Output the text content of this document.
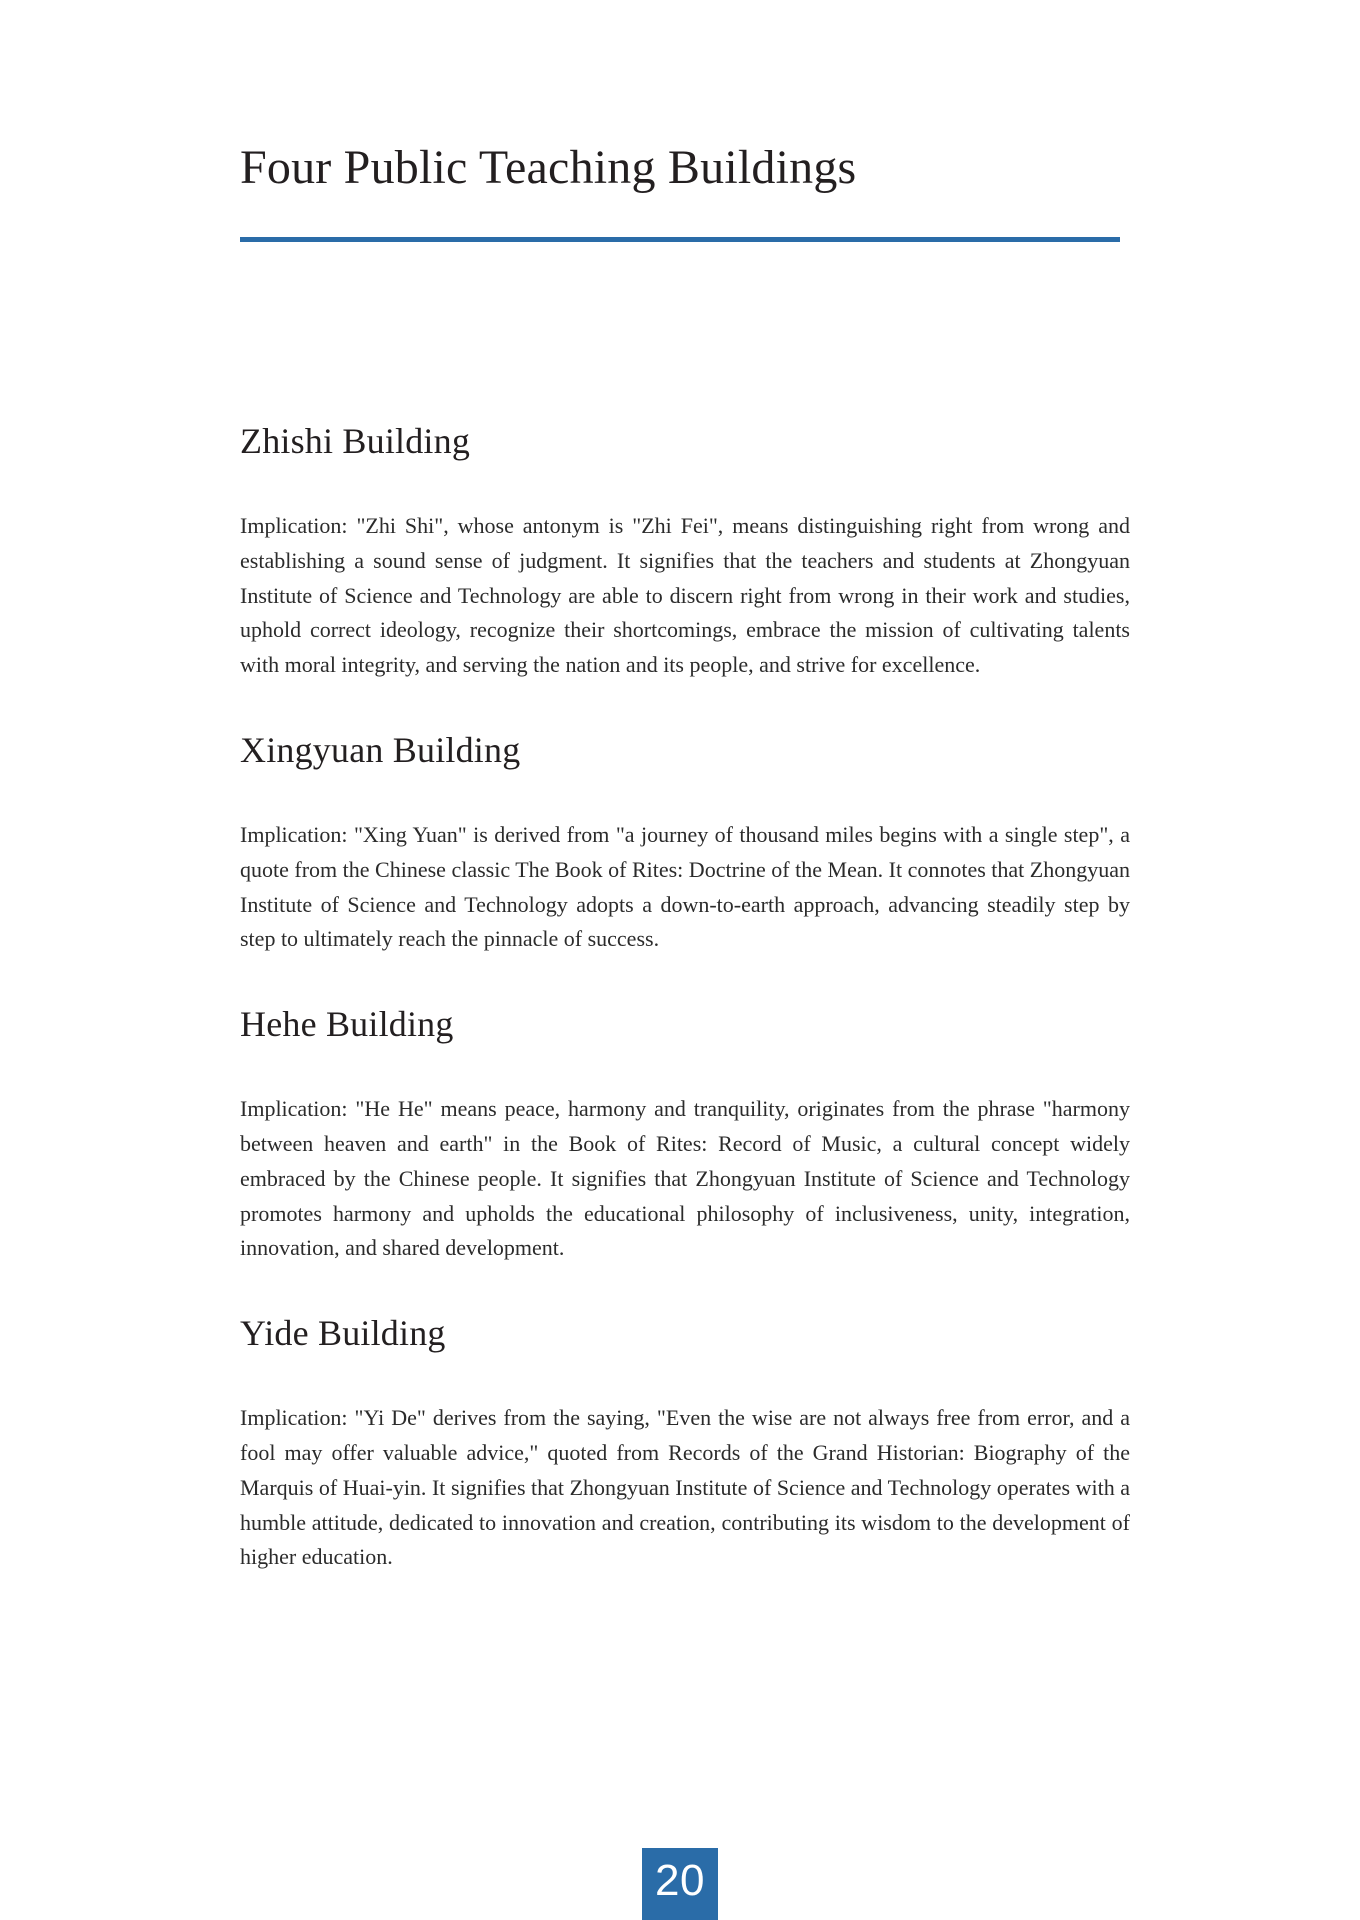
Four Public Teaching Buildings
Zhishi Building

Implication: "Zhi Shi", whose antonym is "Zhi Fei", means distinguishing right from wrong and establishing a sound sense of judgment. It signifies that the teachers and students at Zhongyuan Institute of Science and Technology are able to discern right from wrong in their work and studies, uphold correct ideology, recognize their shortcomings, embrace the mission of cultivating talents with moral integrity, and serving the nation and its people, and strive for excellence.

Xingyuan Building

Implication: "Xing Yuan" is derived from "a journey of thousand miles begins with a single step", a quote from the Chinese classic The Book of Rites: Doctrine of the Mean. It connotes that Zhongyuan Institute of Science and Technology adopts a down-to-earth approach, advancing steadily step by step to ultimately reach the pinnacle of success.

Hehe Building

Implication: "He He" means peace, harmony and tranquility, originates from the phrase "harmony between heaven and earth" in the Book of Rites: Record of Music, a cultural concept widely embraced by the Chinese people. It signifies that Zhongyuan Institute of Science and Technology promotes harmony and upholds the educational philosophy of inclusiveness, unity, integration, innovation, and shared development.

Yide Building

Implication: "Yi De" derives from the saying, "Even the wise are not always free from error, and a fool may offer valuable advice," quoted from Records of the Grand Historian: Biography of the Marquis of Huai-yin. It signifies that Zhongyuan Institute of Science and Technology operates with a humble attitude, dedicated to innovation and creation, contributing its wisdom to the development of higher education.

20
